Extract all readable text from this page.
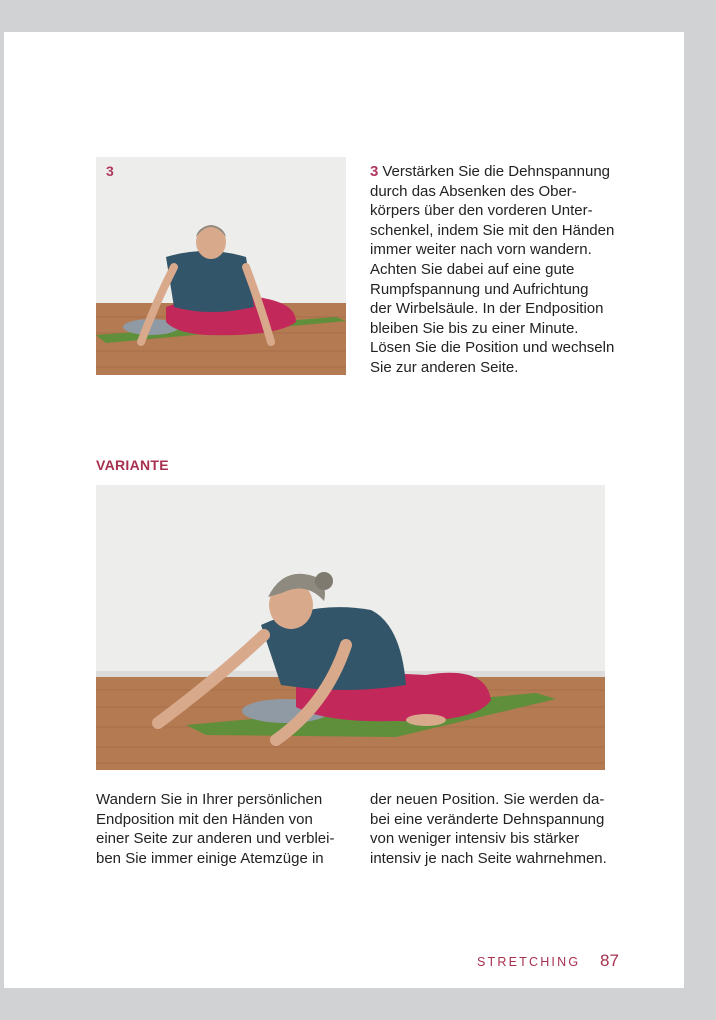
3	3 Verstärken Sie die Dehnspannung
durch das Absenken des Ober-
körpers über den vorderen Unter-
schenkel, indem Sie mit den Händen
immer weiter nach vorn wandern.
Achten Sie dabei auf eine gute
Rumpfspannung und Aufrichtung
der Wirbelsäule. In der Endposition
bleiben Sie bis zu einer Minute.
Lösen Sie die Position und wechseln
Sie zur anderen Seite.
VARIANTE
Wandern Sie in Ihrer persönlichen
Endposition mit den Händen von
einer Seite zur anderen und verblei-
ben Sie immer einige Atemzüge in
der neuen Position. Sie werden da-
bei eine veränderte Dehnspannung
von weniger intensiv bis stärker
intensiv je nach Seite wahrnehmen.
STRETCHING 87
